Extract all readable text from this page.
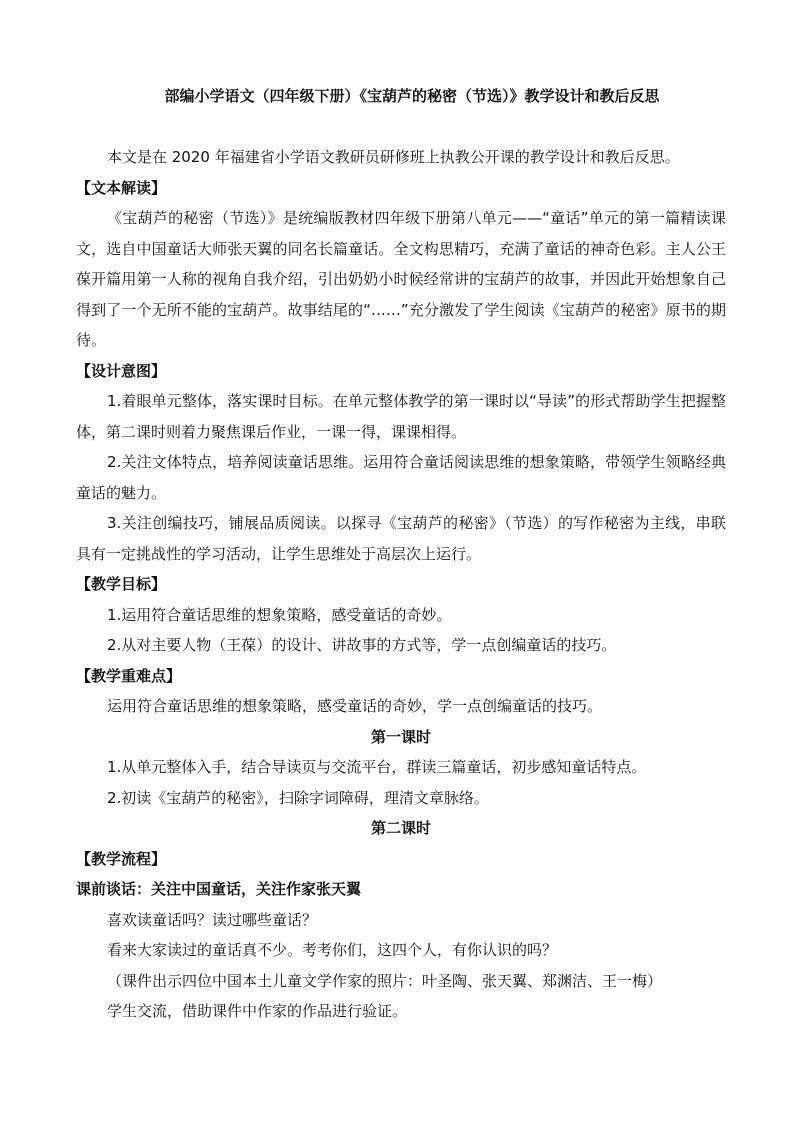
部编小学语文（四年级下册）《宝葫芦的秘密（节选）》教学设计和教后反思

本文是在 2020 年福建省小学语文教研员研修班上执教公开课的教学设计和教后反思。

【文本解读】

《宝葫芦的秘密（节选）》是统编版教材四年级下册第八单元——“童话”单元的第一篇精读课文，选自中国童话大师张天翼的同名长篇童话。全文构思精巧，充满了童话的神奇色彩。主人公王葆开篇用第一人称的视角自我介绍，引出奶奶小时候经常讲的宝葫芦的故事，并因此开始想象自己得到了一个无所不能的宝葫芦。故事结尾的“……”充分激发了学生阅读《宝葫芦的秘密》原书的期待。

【设计意图】

1.着眼单元整体，落实课时目标。在单元整体教学的第一课时以“导读”的形式帮助学生把握整体，第二课时则着力聚焦课后作业，一课一得，课课相得。

2.关注文体特点，培养阅读童话思维。运用符合童话阅读思维的想象策略，带领学生领略经典童话的魅力。

3.关注创编技巧，铺展品质阅读。以探寻《宝葫芦的秘密》（节选）的写作秘密为主线，串联具有一定挑战性的学习活动，让学生思维处于高层次上运行。

【教学目标】

1.运用符合童话思维的想象策略，感受童话的奇妙。

2.从对主要人物（王葆）的设计、讲故事的方式等，学一点创编童话的技巧。

【教学重难点】

运用符合童话思维的想象策略，感受童话的奇妙，学一点创编童话的技巧。

第一课时

1.从单元整体入手，结合导读页与交流平台，群读三篇童话，初步感知童话特点。

2.初读《宝葫芦的秘密》，扫除字词障碍，理清文章脉络。

第二课时

【教学流程】

课前谈话：关注中国童话，关注作家张天翼

喜欢读童话吗？读过哪些童话？

看来大家读过的童话真不少。考考你们，这四个人，有你认识的吗？

（课件出示四位中国本土儿童文学作家的照片：叶圣陶、张天翼、郑渊洁、王一梅）

学生交流，借助课件中作家的作品进行验证。
